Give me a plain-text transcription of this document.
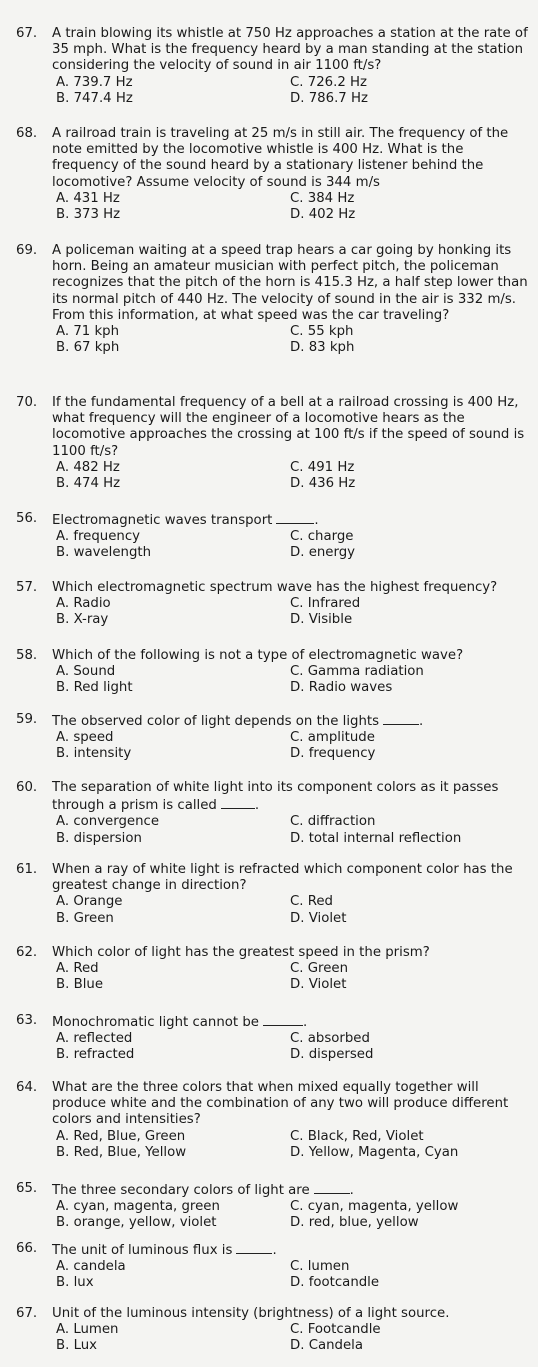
67.	A train blowing its whistle at 750 Hz approaches a station at the rate of 35 mph. What is the frequency heard by a man standing at the station considering the velocity of sound in air 1100 ft/s?
A. 739.7 Hz	C. 726.2 Hz
B. 747.4 Hz	D. 786.7 Hz
68.	A railroad train is traveling at 25 m/s in still air. The frequency of the note emitted by the locomotive whistle is 400 Hz. What is the frequency of the sound heard by a stationary listener behind the locomotive? Assume velocity of sound is 344 m/s
A. 431 Hz	C. 384 Hz
B. 373 Hz	D. 402 Hz
69.	A policeman waiting at a speed trap hears a car going by honking its horn. Being an amateur musician with perfect pitch, the policeman recognizes that the pitch of the horn is 415.3 Hz, a half step lower than its normal pitch of 440 Hz. The velocity of sound in the air is 332 m/s. From this information, at what speed was the car traveling?
A. 71 kph	C. 55 kph
B. 67 kph	D. 83 kph
70.	If the fundamental frequency of a bell at a railroad crossing is 400 Hz, what frequency will the engineer of a locomotive hears as the locomotive approaches the crossing at 100 ft/s if the speed of sound is 1100 ft/s?
A. 482 Hz	C. 491 Hz
B. 474 Hz	D. 436 Hz
56.	Electromagnetic waves transport	.
A. frequency	C. charge
B. wavelength	D. energy
57.	Which electromagnetic spectrum wave has the highest frequency?
A. Radio	C. Infrared
B. X-ray	D. Visible
58.	Which of the following is not a type of electromagnetic wave?
A. Sound	C. Gamma radiation
B. Red light	D. Radio waves
59.	The observed color of light depends on the lights	.
A. speed	C. amplitude
B. intensity	D. frequency
60.	The separation of white light into its component colors as it passes through a prism is called	.
A. convergence	C. diffraction
B. dispersion	D. total internal reflection
61.	When a ray of white light is refracted which component color has the greatest change in direction?
A. Orange	C. Red
B. Green	D. Violet
62.	Which color of light has the greatest speed in the prism?
A. Red	C. Green
B. Blue	D. Violet
63.	Monochromatic light cannot be	.
A. reflected	C. absorbed
B. refracted	D. dispersed
64.	What are the three colors that when mixed equally together will produce white and the combination of any two will produce different colors and intensities?
A. Red, Blue, Green	C. Black, Red, Violet
B. Red, Blue, Yellow	D. Yellow, Magenta, Cyan
65.	The three secondary colors of light are	.
A. cyan, magenta, green	C. cyan, magenta, yellow
B. orange, yellow, violet	D. red, blue, yellow
66.	The unit of luminous flux is	.
A. candela	C. lumen
B. lux	D. footcandle
67.	Unit of the luminous intensity (brightness) of a light source.
A. Lumen	C. Footcandle
B. Lux	D. Candela
